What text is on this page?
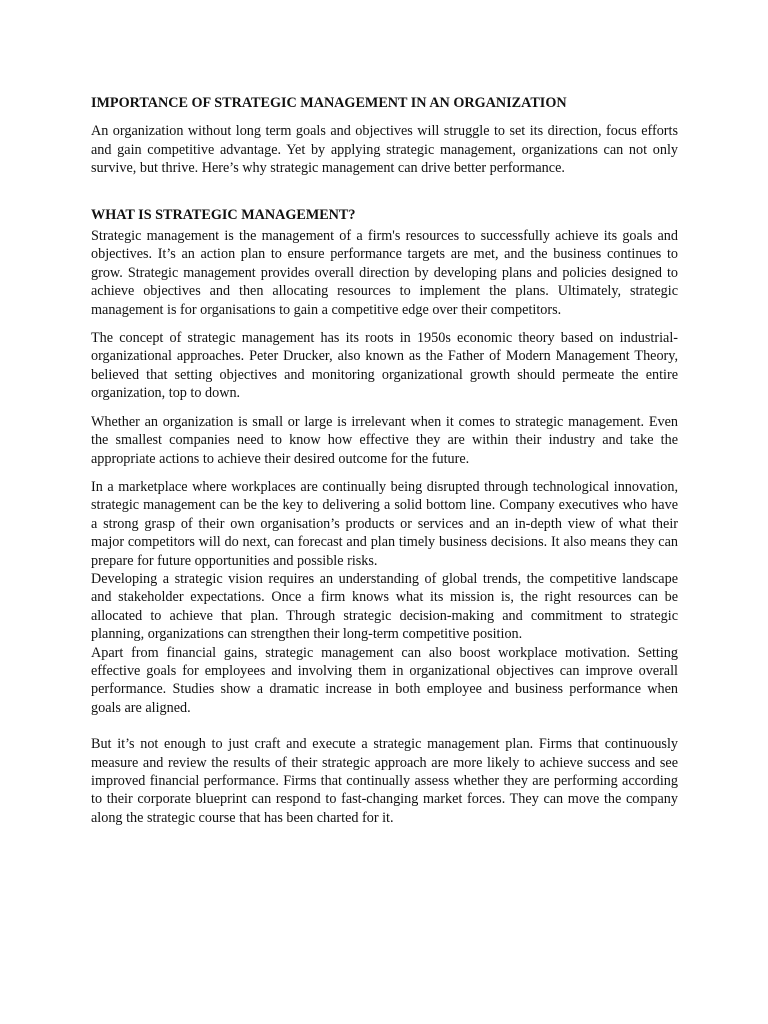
IMPORTANCE OF STRATEGIC MANAGEMENT IN AN ORGANIZATION

An organization without long term goals and objectives will struggle to set its direction, focus efforts and gain competitive advantage. Yet by applying strategic management, organizations can not only survive, but thrive. Here’s why strategic management can drive better performance.

WHAT IS STRATEGIC MANAGEMENT?

Strategic management is the management of a firm's resources to successfully achieve its goals and objectives. It’s an action plan to ensure performance targets are met, and the business continues to grow. Strategic management provides overall direction by developing plans and policies designed to achieve objectives and then allocating resources to implement the plans. Ultimately, strategic management is for organisations to gain a competitive edge over their competitors.

The concept of strategic management has its roots in 1950s economic theory based on industrial-organizational approaches. Peter Drucker, also known as the Father of Modern Management Theory, believed that setting objectives and monitoring organizational growth should permeate the entire organization, top to down.

Whether an organization is small or large is irrelevant when it comes to strategic management. Even the smallest companies need to know how effective they are within their industry and take the appropriate actions to achieve their desired outcome for the future.

In a marketplace where workplaces are continually being disrupted through technological innovation, strategic management can be the key to delivering a solid bottom line. Company executives who have a strong grasp of their own organisation’s products or services and an in-depth view of what their major competitors will do next, can forecast and plan timely business decisions. It also means they can prepare for future opportunities and possible risks.

Developing a strategic vision requires an understanding of global trends, the competitive landscape and stakeholder expectations. Once a firm knows what its mission is, the right resources can be allocated to achieve that plan. Through strategic decision-making and commitment to strategic planning, organizations can strengthen their long-term competitive position.

Apart from financial gains, strategic management can also boost workplace motivation. Setting effective goals for employees and involving them in organizational objectives can improve overall performance. Studies show a dramatic increase in both employee and business performance when goals are aligned.

But it’s not enough to just craft and execute a strategic management plan. Firms that continuously measure and review the results of their strategic approach are more likely to achieve success and see improved financial performance. Firms that continually assess whether they are performing according to their corporate blueprint can respond to fast-changing market forces. They can move the company along the strategic course that has been charted for it.
